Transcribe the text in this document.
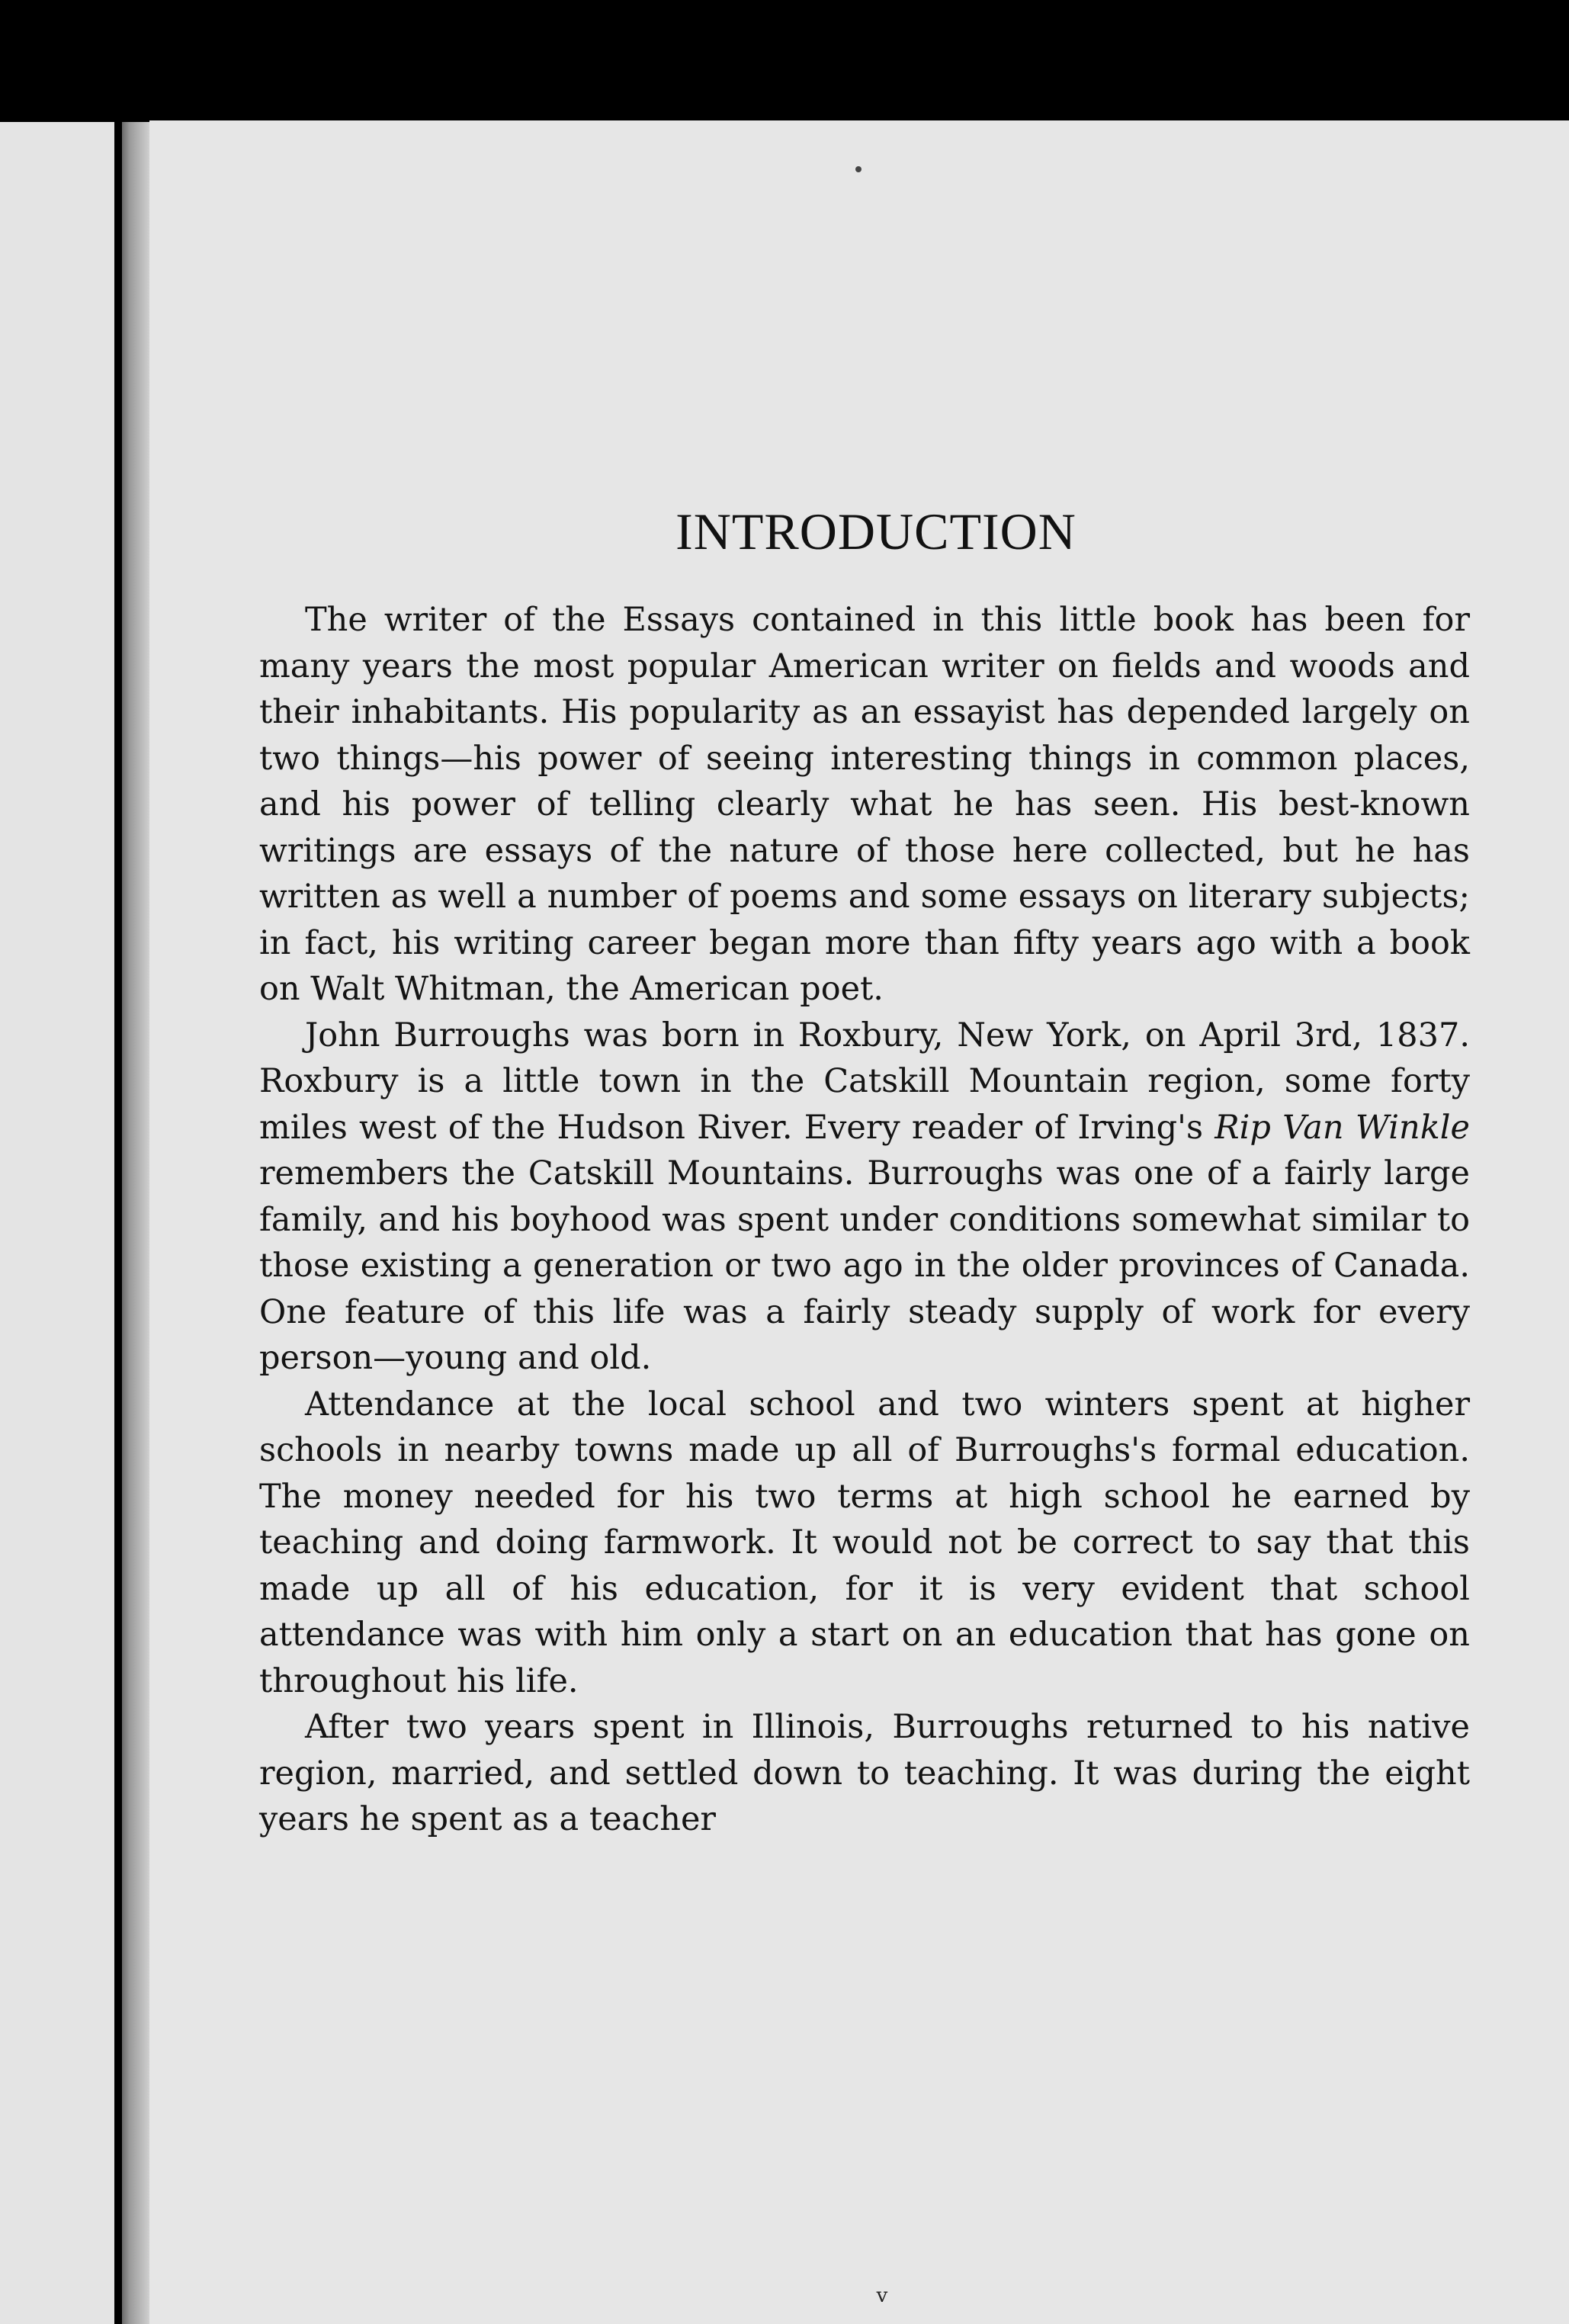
INTRODUCTION

The writer of the Essays contained in this little book has been for many years the most popular American writer on fields and woods and their inhabitants. His popularity as an essayist has depended largely on two things—his power of seeing interesting things in common places, and his power of telling clearly what he has seen. His best-known writings are essays of the nature of those here collected, but he has written as well a number of poems and some essays on literary subjects; in fact, his writing career began more than fifty years ago with a book on Walt Whitman, the American poet.

John Burroughs was born in Roxbury, New York, on April 3rd, 1837. Roxbury is a little town in the Catskill Mountain region, some forty miles west of the Hudson River. Every reader of Irving's Rip Van Winkle remembers the Catskill Mountains. Burroughs was one of a fairly large family, and his boyhood was spent under conditions somewhat similar to those existing a generation or two ago in the older provinces of Canada. One feature of this life was a fairly steady supply of work for every person—young and old.

Attendance at the local school and two winters spent at higher schools in nearby towns made up all of Burroughs's formal education. The money needed for his two terms at high school he earned by teaching and doing farmwork. It would not be correct to say that this made up all of his education, for it is very evident that school attendance was with him only a start on an education that has gone on throughout his life.

After two years spent in Illinois, Burroughs returned to his native region, married, and settled down to teaching. It was during the eight years he spent as a teacher

v
